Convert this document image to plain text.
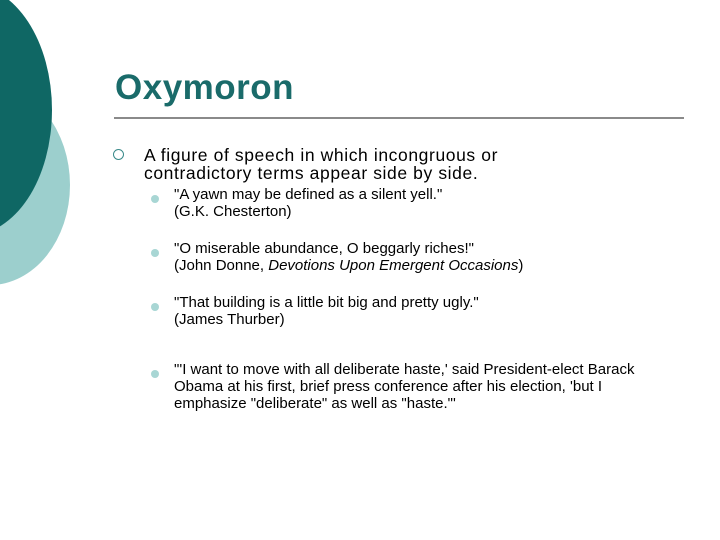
Oxymoron

A figure of speech in which incongruous or contradictory terms appear side by side.

"A yawn may be defined as a silent yell."
(G.K. Chesterton)

"O miserable abundance, O beggarly riches!"
(John Donne, Devotions Upon Emergent Occasions)

"That building is a little bit big and pretty ugly."
(James Thurber)

"'I want to move with all deliberate haste,' said President-elect Barack Obama at his first, brief press conference after his election, 'but I emphasize "deliberate" as well as "haste."'
